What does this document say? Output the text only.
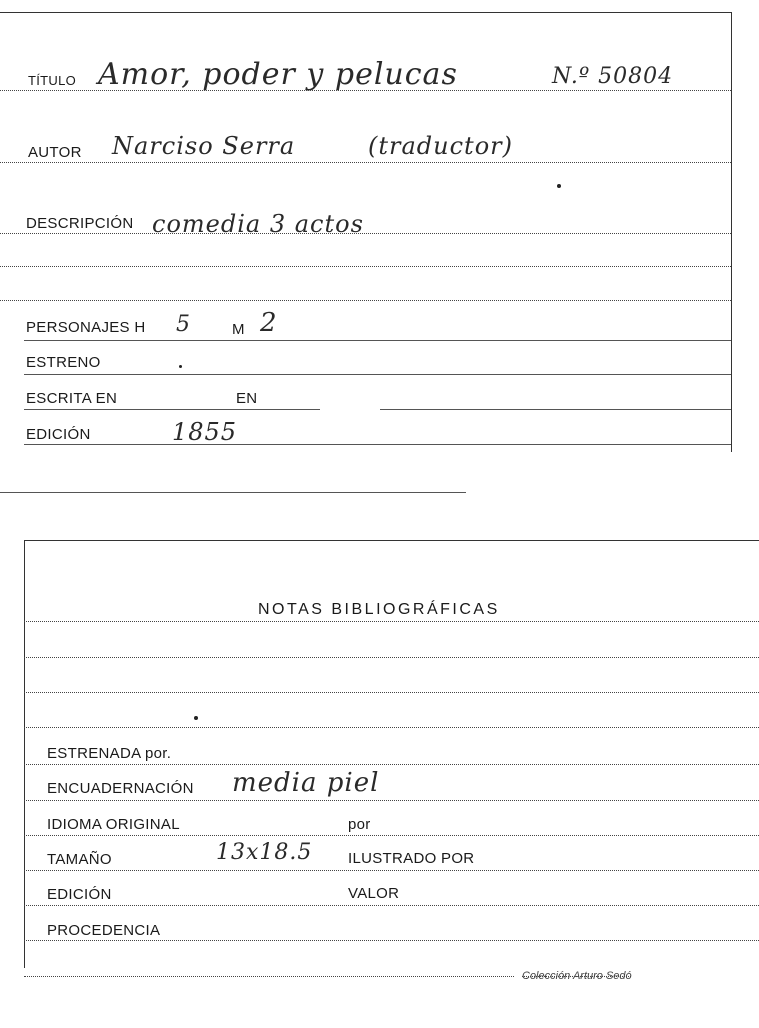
TÍTULO Amor, poder y pelucas	N.º 50804
AUTOR Narciso Serra	(traductor)
DESCRIPCIÓN comedia 3 actos
PERSONAJES H 5	M 2
ESTRENO
ESCRITA EN	EN
EDICIÓN	1855
NOTAS BIBLIOGRÁFICAS
ESTRENADA por.
ENCUADERNACIÓN media piel
IDIOMA ORIGINAL	por
TAMAÑO	13x18.5 ILUSTRADO POR
EDICIÓN	VALOR
PROCEDENCIA
Colección Arturo Sedó
